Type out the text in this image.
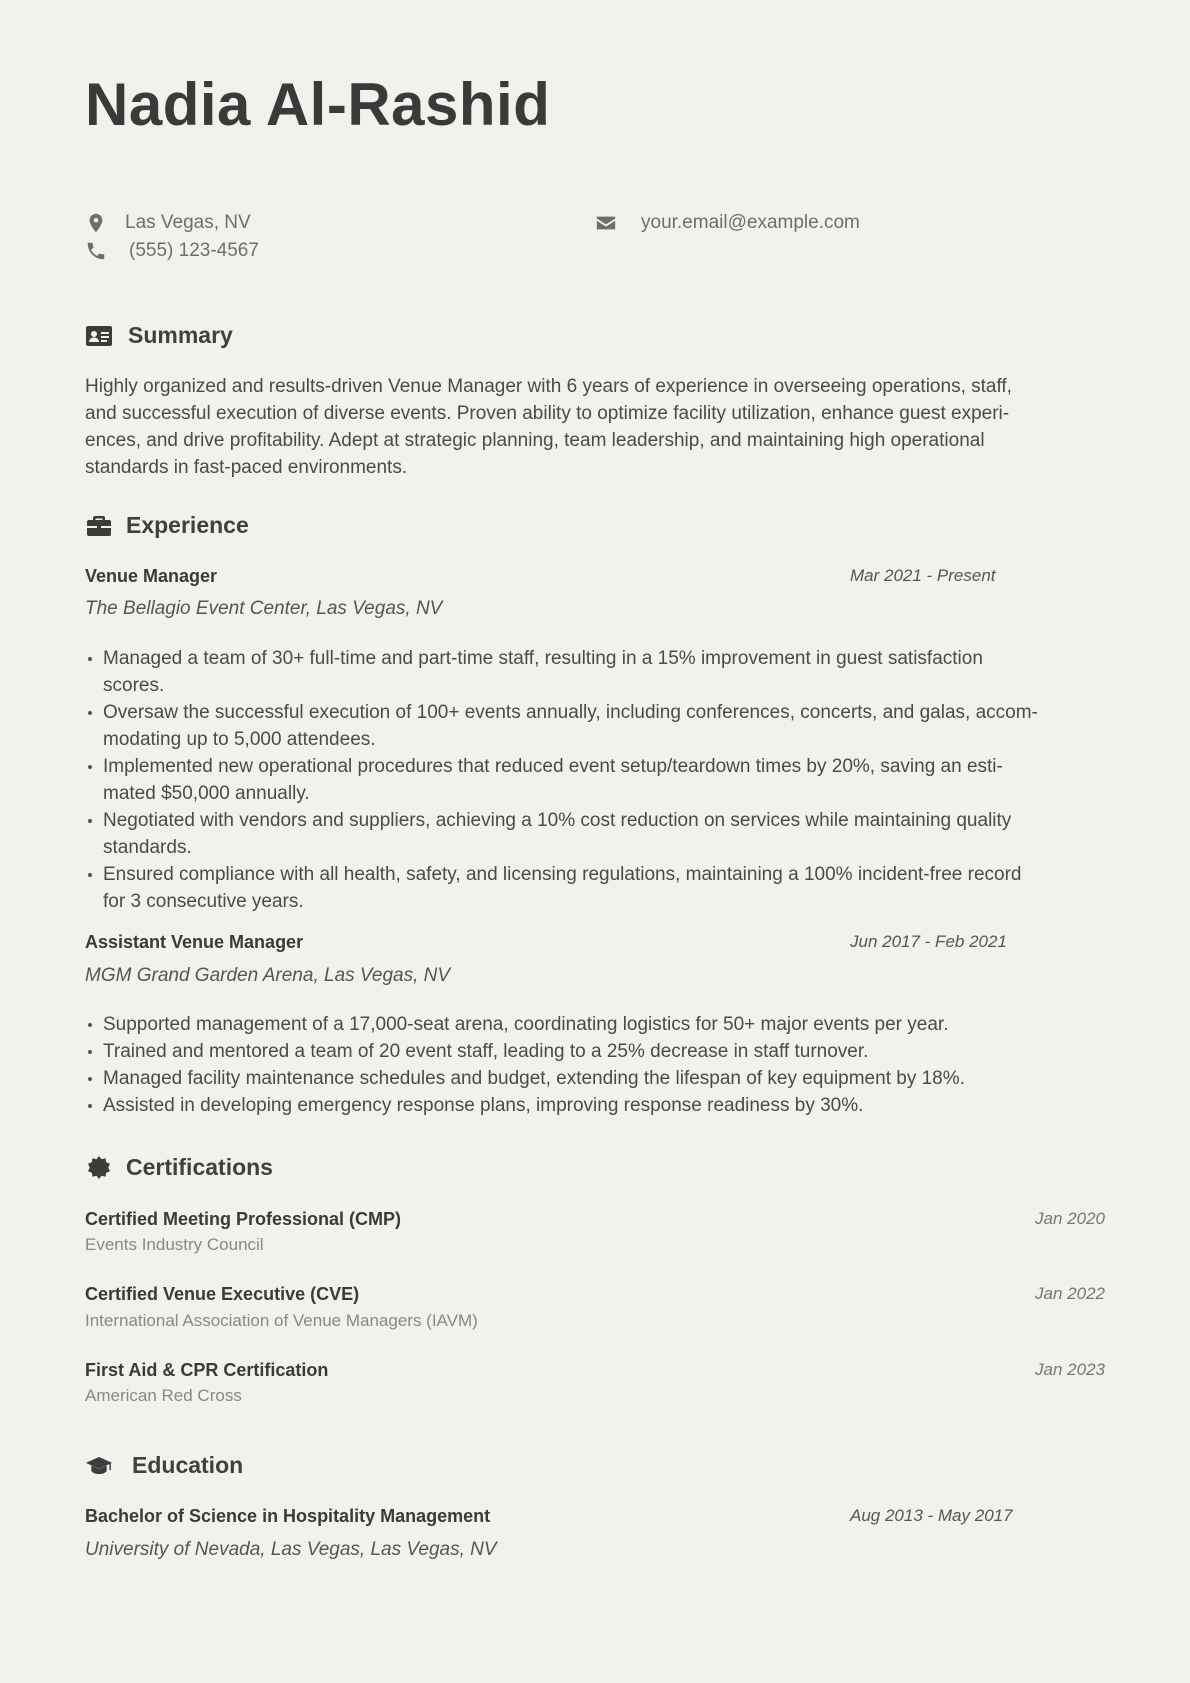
Nadia Al-Rashid
Las Vegas, NV
(555) 123-4567
your.email@example.com
Summary
Highly organized and results-driven Venue Manager with 6 years of experience in overseeing operations, staff,
and successful execution of diverse events. Proven ability to optimize facility utilization, enhance guest experi-
ences, and drive profitability. Adept at strategic planning, team leadership, and maintaining high operational
standards in fast-paced environments.
Experience
Venue Manager	Mar 2021 - Present
The Bellagio Event Center, Las Vegas, NV
Managed a team of 30+ full-time and part-time staff, resulting in a 15% improvement in guest satisfaction
scores.
Oversaw the successful execution of 100+ events annually, including conferences, concerts, and galas, accom-
modating up to 5,000 attendees.
Implemented new operational procedures that reduced event setup/teardown times by 20%, saving an esti-
mated $50,000 annually.
Negotiated with vendors and suppliers, achieving a 10% cost reduction on services while maintaining quality
standards.
Ensured compliance with all health, safety, and licensing regulations, maintaining a 100% incident-free record
for 3 consecutive years.
Assistant Venue Manager	Jun 2017 - Feb 2021
MGM Grand Garden Arena, Las Vegas, NV
Supported management of a 17,000-seat arena, coordinating logistics for 50+ major events per year.
Trained and mentored a team of 20 event staff, leading to a 25% decrease in staff turnover.
Managed facility maintenance schedules and budget, extending the lifespan of key equipment by 18%.
Assisted in developing emergency response plans, improving response readiness by 30%.
Certifications
Certified Meeting Professional (CMP)	Jan 2020
Events Industry Council
Certified Venue Executive (CVE)	Jan 2022
International Association of Venue Managers (IAVM)
First Aid & CPR Certification	Jan 2023
American Red Cross
Education
Bachelor of Science in Hospitality Management	Aug 2013 - May 2017
University of Nevada, Las Vegas, Las Vegas, NV
